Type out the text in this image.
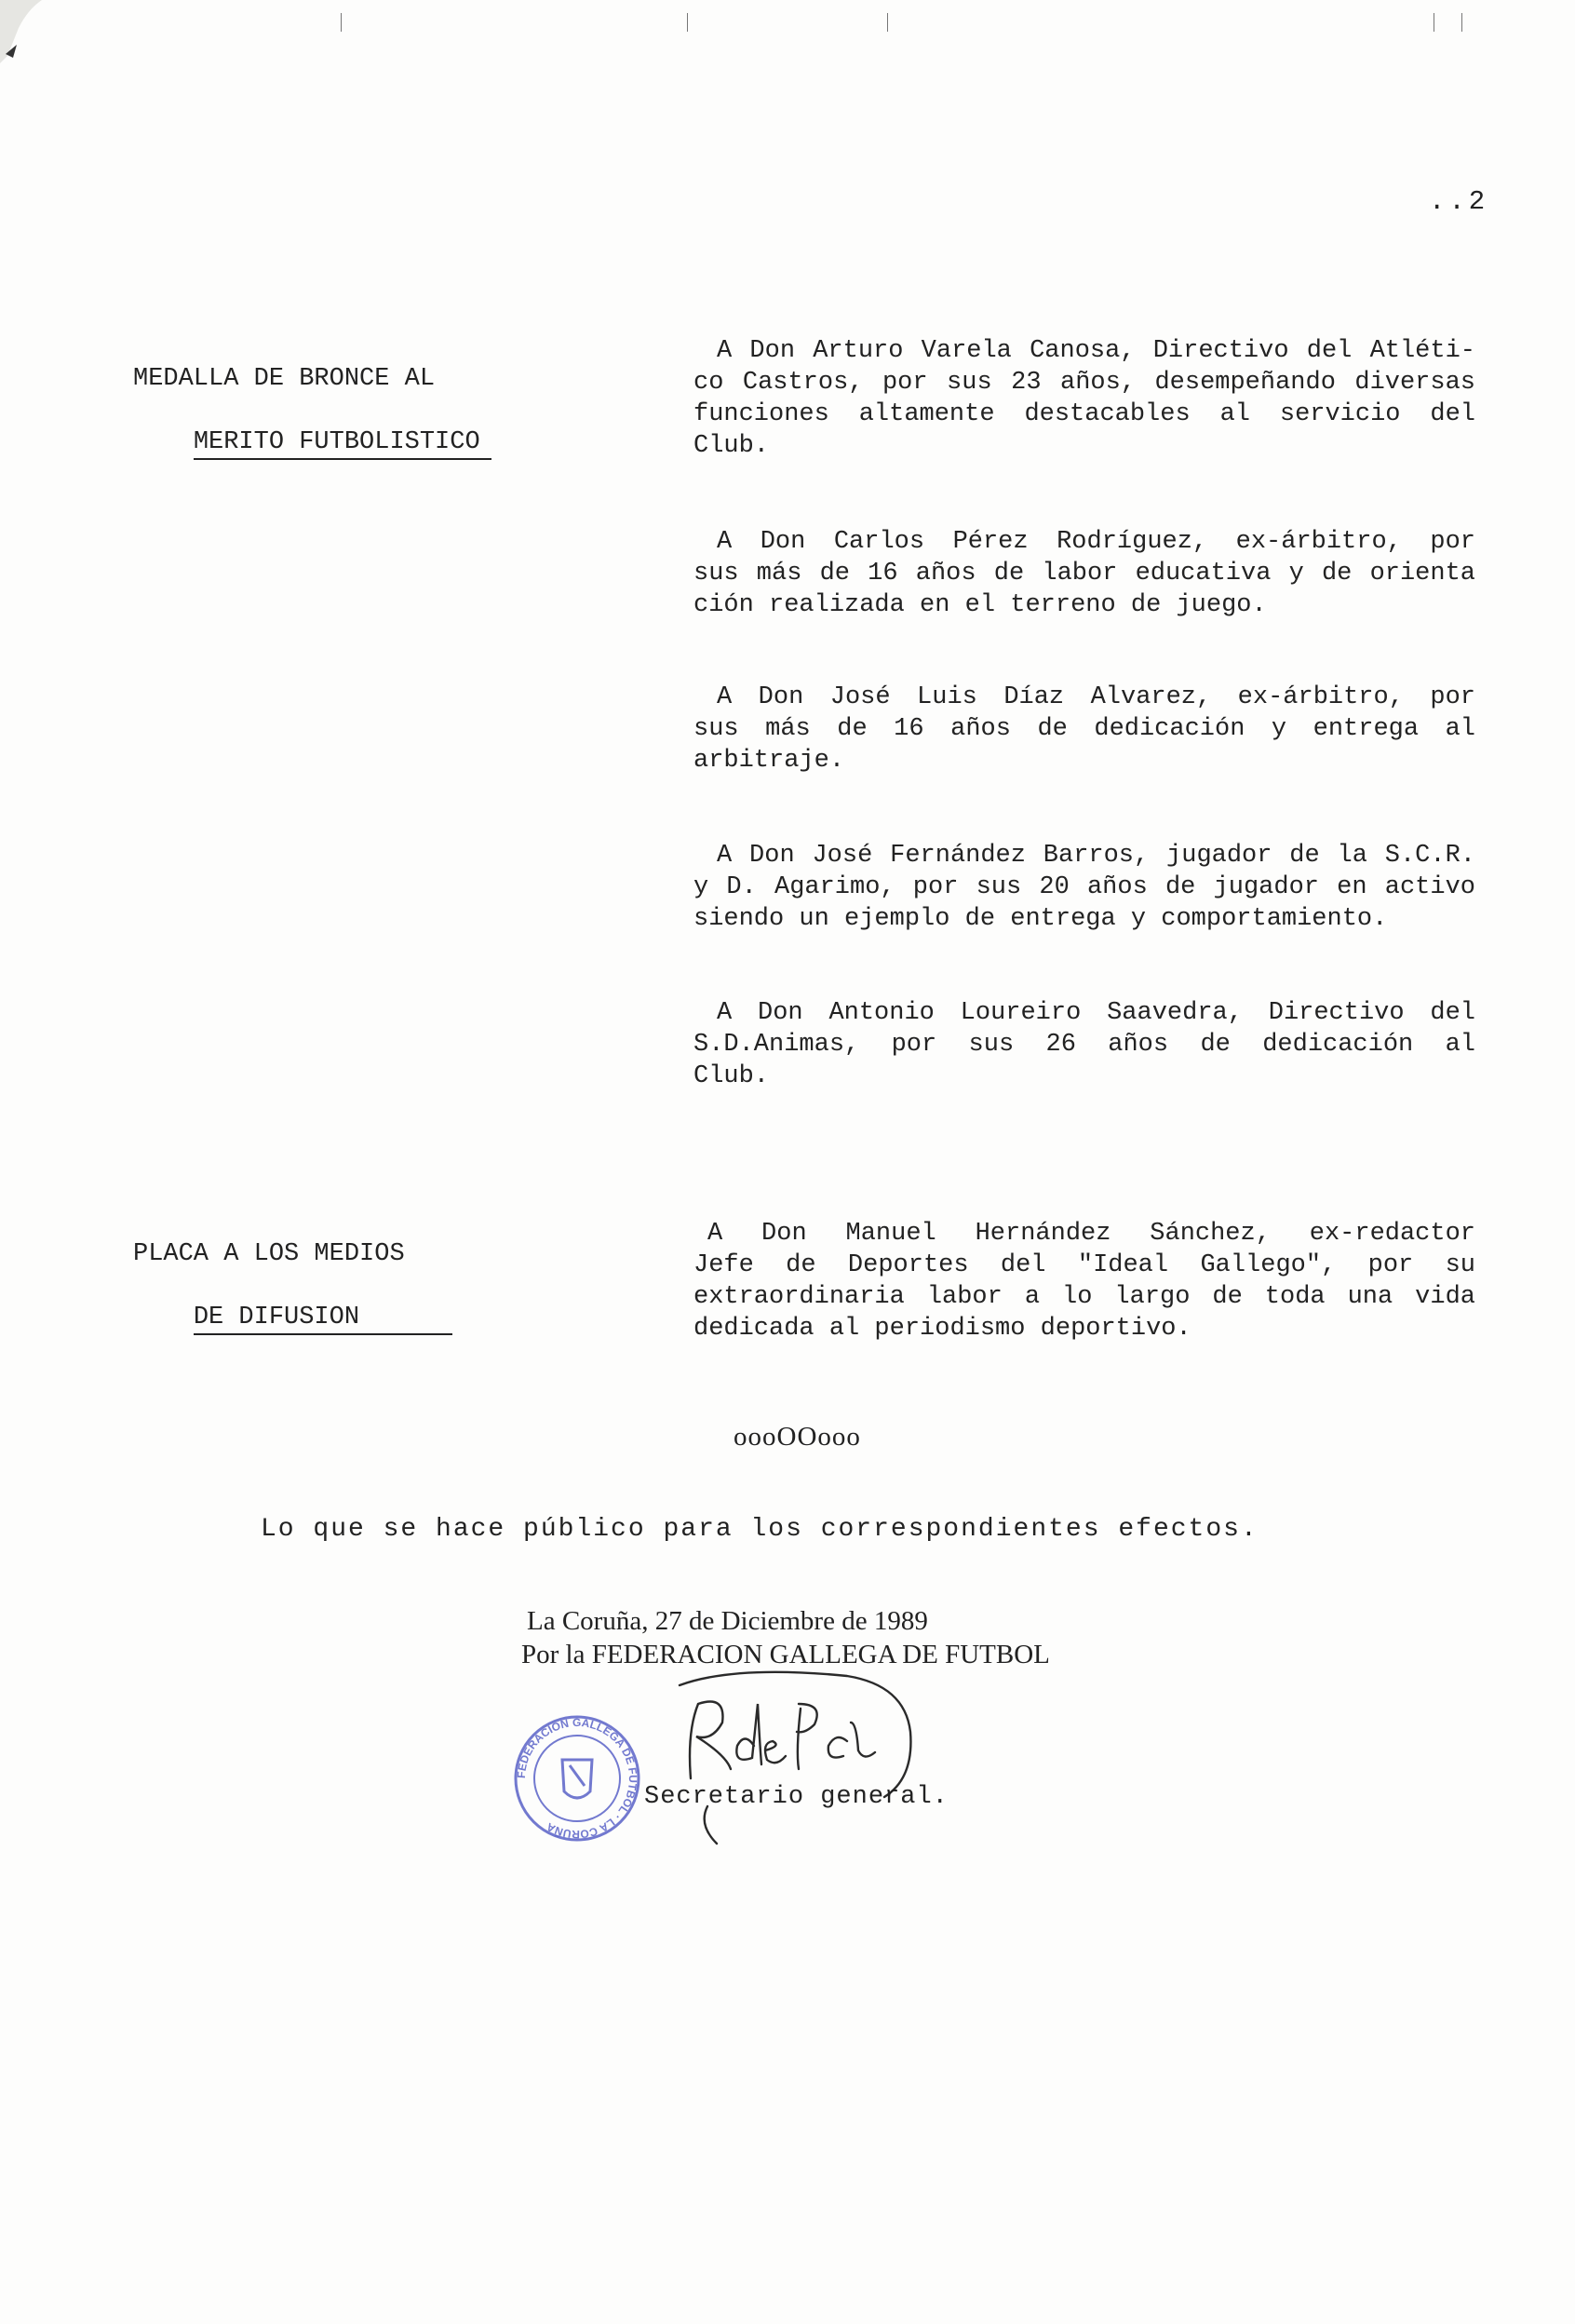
..2

MEDALLA DE BRONCE AL

MERITO FUTBOLISTICO

A Don Arturo Varela Canosa, Directivo del Atléti-
co Castros, por sus 23 años, desempeñando diversas
funciones altamente destacables al servicio del
Club.
A Don Carlos Pérez Rodríguez, ex-árbitro, por
sus más de 16 años de labor educativa y de orienta
ción realizada en el terreno de juego.
A Don José Luis Díaz Alvarez, ex-árbitro, por
sus más de 16 años de dedicación y entrega al
arbitraje.
A Don José Fernández Barros, jugador de la S.C.R.
y D. Agarimo, por sus 20 años de jugador en activo
siendo un ejemplo de entrega y comportamiento.
A Don Antonio Loureiro Saavedra, Directivo del
S.D.Animas, por sus 26 años de dedicación al
Club.

PLACA A LOS MEDIOS

DE DIFUSION

A Don Manuel Hernández Sánchez, ex-redactor
Jefe de Deportes del "Ideal Gallego", por su
extraordinaria labor a lo largo de toda una vida
dedicada al periodismo deportivo.
oooOOooo
Lo que se hace público para los correspondientes efectos.
La Coruña, 27 de Diciembre de 1989
Por la FEDERACION GALLEGA DE FUTBOL
FEDERACION GALLEGA DE FUTBOL · LA CORUÑA
Secretario general.
